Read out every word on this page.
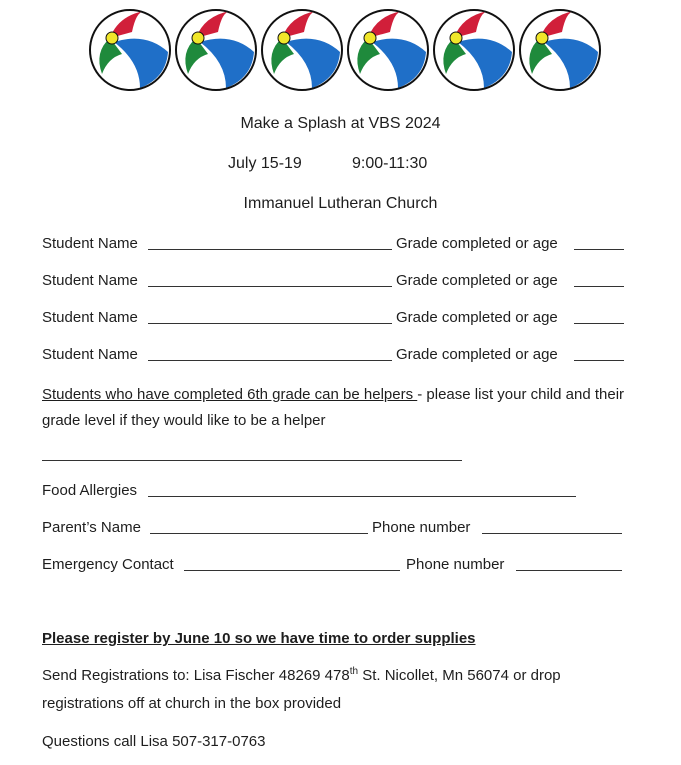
Make a Splash at VBS 2024
July 15-19	9:00-11:30
Immanuel Lutheran Church
Student Name	Grade completed or age
Student Name	Grade completed or age
Student Name	Grade completed or age
Student Name	Grade completed or age
Students who have completed 6th grade can be helpers - please list your child and their grade level if they would like to be a helper
Food Allergies
Parent’s Name	Phone number
Emergency Contact	Phone number
Please register by June 10 so we have time to order supplies
Send Registrations to: Lisa Fischer 48269 478th St. Nicollet, Mn 56074 or drop registrations off at church in the box provided
Questions call Lisa 507-317-0763
